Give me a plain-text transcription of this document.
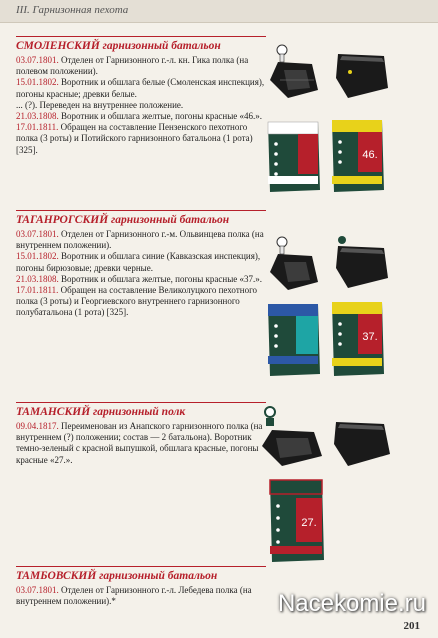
III. Гарнизонная пехота
СМОЛЕНСКИЙ гарнизонный батальон

03.07.1801. Отделен от Гарнизонного г.-л. кн. Гика полка (на полевом положении).

15.01.1802. Воротник и обшлага белые (Смоленская инспекция), погоны красные; древки белые.

... (?). Переведен на внутреннее положение.

21.03.1808. Воротник и обшлага желтые, погоны красные «46.».

17.01.1811. Обращен на составление Пензенского пехотного полка (3 роты) и Потийского гарнизонного батальона (1 рота) [325].

ТАГАНРОГСКИЙ гарнизонный батальон

03.07.1801. Отделен от Гарнизонного г.-м. Ольвинцева полка (на внутреннем положении).

15.01.1802. Воротник и обшлага синие (Кавказская инспекция), погоны бирюзовые; древки черные.

21.03.1808. Воротник и обшлага желтые, погоны красные «37.».

17.01.1811. Обращен на составление Великолуцкого пехотного полка (3 роты) и Георгиевского внутреннего гарнизонного полубатальона (1 рота) [325].

ТАМАНСКИЙ гарнизонный полк

09.04.1817. Переименован из Анапского гарнизонного полка (на внутреннем (?) положении; состав — 2 батальона). Воротник темно-зеленый с красной выпушкой, обшлага красные, погоны красные «27.».

ТАМБОВСКИЙ гарнизонный батальон

03.07.1801. Отделен от Гарнизонного г.-л. Лебедева полка (на внутреннем положении).*

46.
37.
27.
Nacekomie.ru
201
